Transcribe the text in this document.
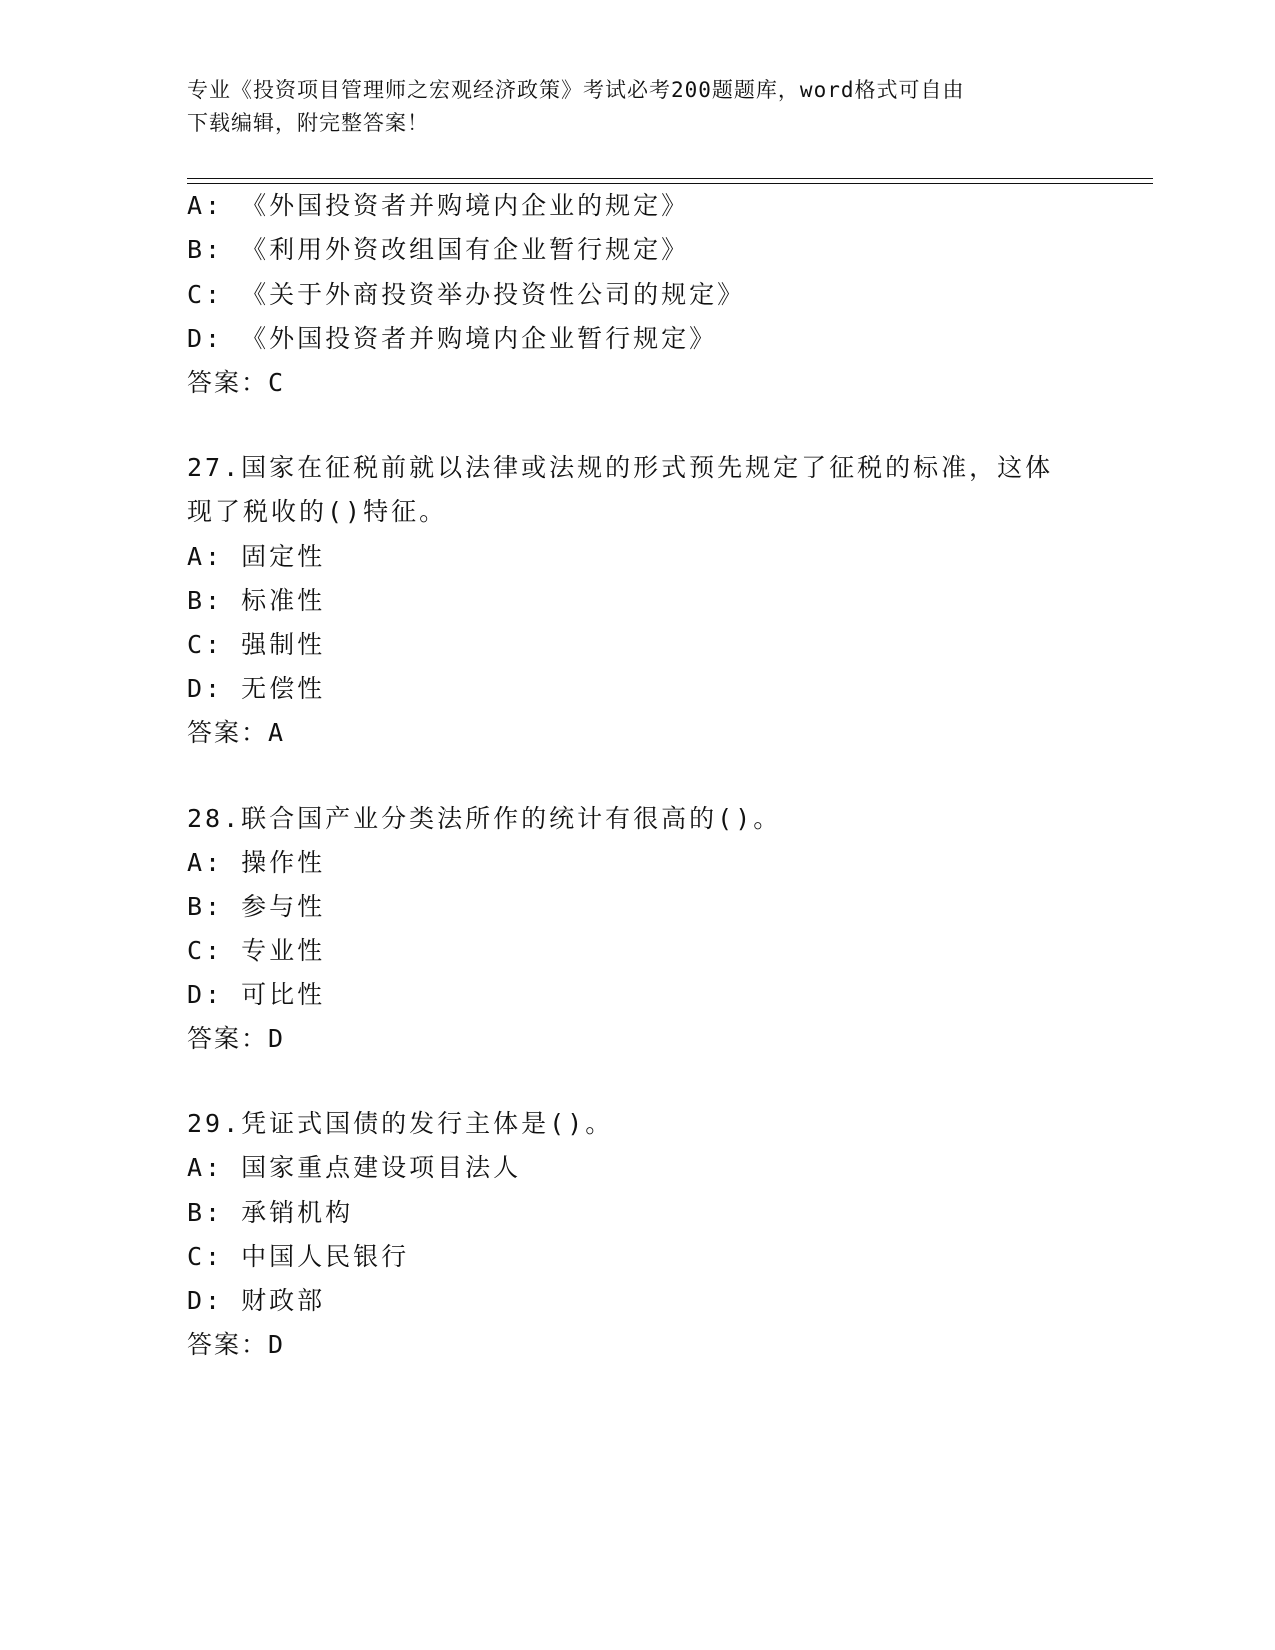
专业《投资项目管理师之宏观经济政策》考试必考200题题库，word格式可自由
下载编辑，附完整答案！
A: 《外国投资者并购境内企业的规定》
B: 《利用外资改组国有企业暂行规定》
C: 《关于外商投资举办投资性公司的规定》
D: 《外国投资者并购境内企业暂行规定》
答案：C
27.国家在征税前就以法律或法规的形式预先规定了征税的标准，这体
现了税收的()特征。
A: 固定性
B: 标准性
C: 强制性
D: 无偿性
答案：A
28.联合国产业分类法所作的统计有很高的()。
A: 操作性
B: 参与性
C: 专业性
D: 可比性
答案：D
29.凭证式国债的发行主体是()。
A: 国家重点建设项目法人
B: 承销机构
C: 中国人民银行
D: 财政部
答案：D
